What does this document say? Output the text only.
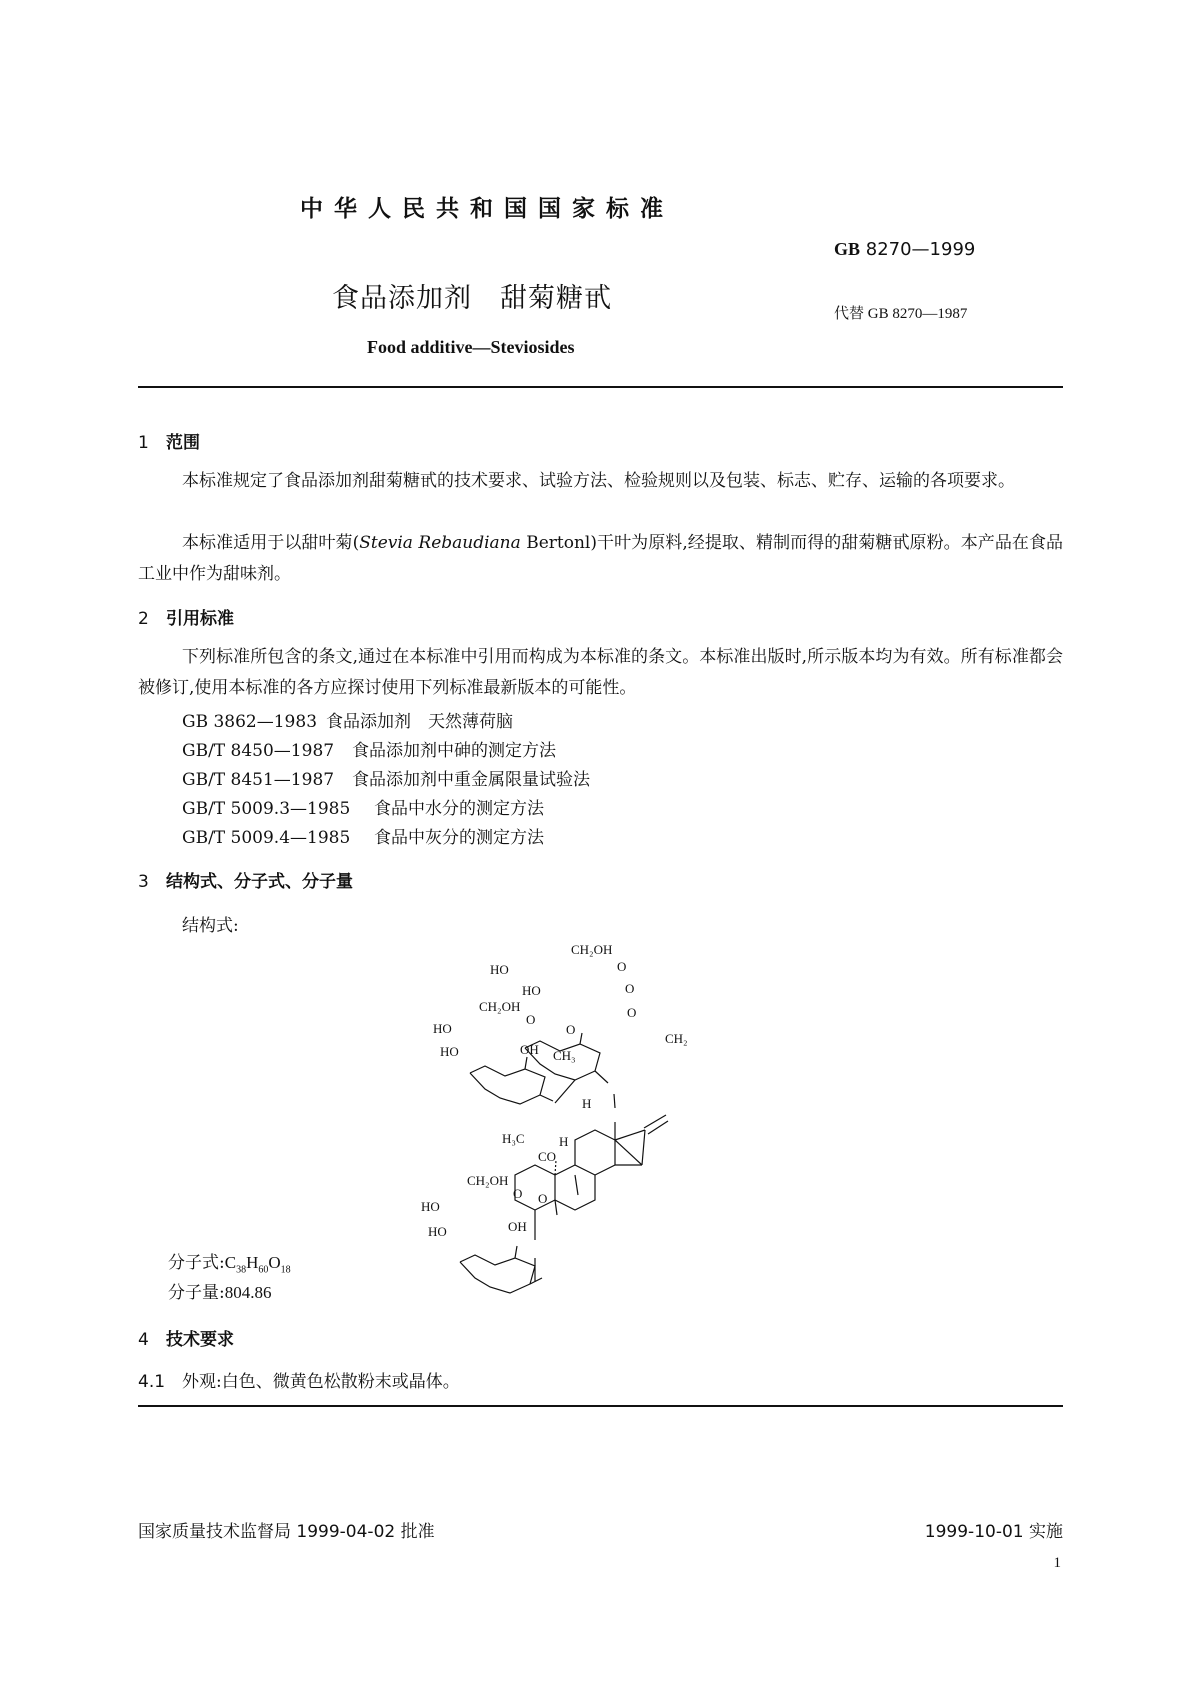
中华人民共和国国家标准
GB 8270—1999
食品添加剂　甜菊糖甙	代替 GB 8270—1987
Food additive—Steviosides
1 范围
本标准规定了食品添加剂甜菊糖甙的技术要求、试验方法、检验规则以及包装、标志、贮存、运输的各项要求。
本标准适用于以甜叶菊(Stevia Rebaudiana Bertonl)干叶为原料,经提取、精制而得的甜菊糖甙原粉。本产品在食品工业中作为甜味剂。
2 引用标准
下列标准所包含的条文,通过在本标准中引用而构成为本标准的条文。本标准出版时,所示版本均为有效。所有标准都会被修订,使用本标准的各方应探讨使用下列标准最新版本的可能性。
GB 3862—1983 食品添加剂　天然薄荷脑
GB/T 8450—1987 食品添加剂中砷的测定方法
GB/T 8451—1987 食品添加剂中重金属限量试验法
GB/T 5009.3—1985 食品中水分的测定方法
GB/T 5009.4—1985 食品中灰分的测定方法
3 结构式、分子式、分子量
结构式:
CH₂OH
HO	O
HO	O
CH₂OH
O	O
HO	O
CH₂
HO	OH CH₃
H
H₃C	H
CO
CH₂OH
O O
HO
HO	OH
分子式$:C_{38}H_{60}O_{18}$
分子量:804.86
4 技术要求
4.1 外观:白色、微黄色松散粉末或晶体。
国家质量技术监督局 1999-04-02 批准	1999-10-01 实施
1
